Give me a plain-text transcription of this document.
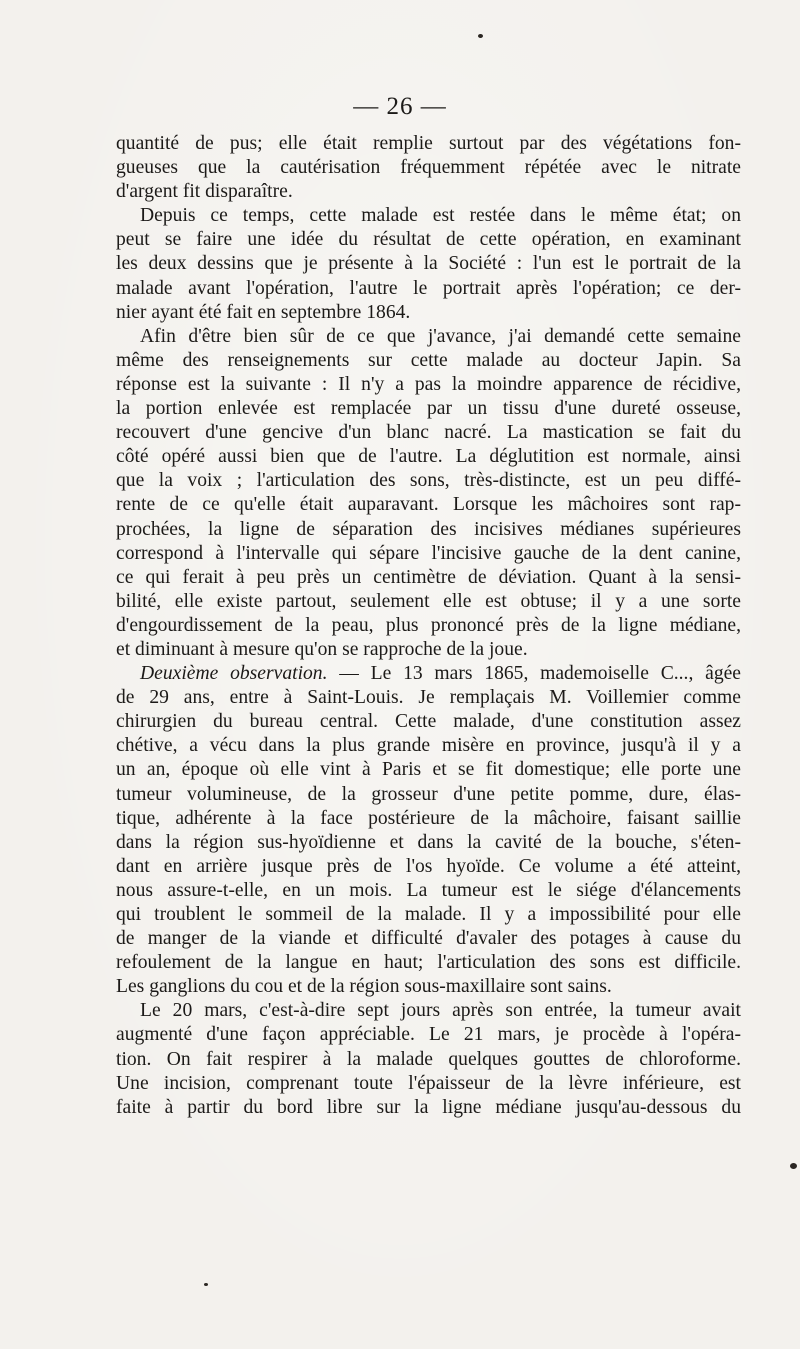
— 26 —

quantité de pus; elle était remplie surtout par des végétations fon-

gueuses que la cautérisation fréquemment répétée avec le nitrate

d'argent fit disparaître.

Depuis ce temps, cette malade est restée dans le même état; on

peut se faire une idée du résultat de cette opération, en examinant

les deux dessins que je présente à la Société : l'un est le portrait de la

malade avant l'opération, l'autre le portrait après l'opération; ce der-

nier ayant été fait en septembre 1864.

Afin d'être bien sûr de ce que j'avance, j'ai demandé cette semaine

même des renseignements sur cette malade au docteur Japin. Sa

réponse est la suivante : Il n'y a pas la moindre apparence de récidive,

la portion enlevée est remplacée par un tissu d'une dureté osseuse,

recouvert d'une gencive d'un blanc nacré. La mastication se fait du

côté opéré aussi bien que de l'autre. La déglutition est normale, ainsi

que la voix ; l'articulation des sons, très-distincte, est un peu diffé-

rente de ce qu'elle était auparavant. Lorsque les mâchoires sont rap-

prochées, la ligne de séparation des incisives médianes supérieures

correspond à l'intervalle qui sépare l'incisive gauche de la dent canine,

ce qui ferait à peu près un centimètre de déviation. Quant à la sensi-

bilité, elle existe partout, seulement elle est obtuse; il y a une sorte

d'engourdissement de la peau, plus prononcé près de la ligne médiane,

et diminuant à mesure qu'on se rapproche de la joue.

Deuxième observation. — Le 13 mars 1865, mademoiselle C..., âgée

de 29 ans, entre à Saint-Louis. Je remplaçais M. Voillemier comme

chirurgien du bureau central. Cette malade, d'une constitution assez

chétive, a vécu dans la plus grande misère en province, jusqu'à il y a

un an, époque où elle vint à Paris et se fit domestique; elle porte une

tumeur volumineuse, de la grosseur d'une petite pomme, dure, élas-

tique, adhérente à la face postérieure de la mâchoire, faisant saillie

dans la région sus-hyoïdienne et dans la cavité de la bouche, s'éten-

dant en arrière jusque près de l'os hyoïde. Ce volume a été atteint,

nous assure-t-elle, en un mois. La tumeur est le siége d'élancements

qui troublent le sommeil de la malade. Il y a impossibilité pour elle

de manger de la viande et difficulté d'avaler des potages à cause du

refoulement de la langue en haut; l'articulation des sons est difficile.

Les ganglions du cou et de la région sous-maxillaire sont sains.

Le 20 mars, c'est-à-dire sept jours après son entrée, la tumeur avait

augmenté d'une façon appréciable. Le 21 mars, je procède à l'opéra-

tion. On fait respirer à la malade quelques gouttes de chloroforme.

Une incision, comprenant toute l'épaisseur de la lèvre inférieure, est

faite à partir du bord libre sur la ligne médiane jusqu'au-dessous du
